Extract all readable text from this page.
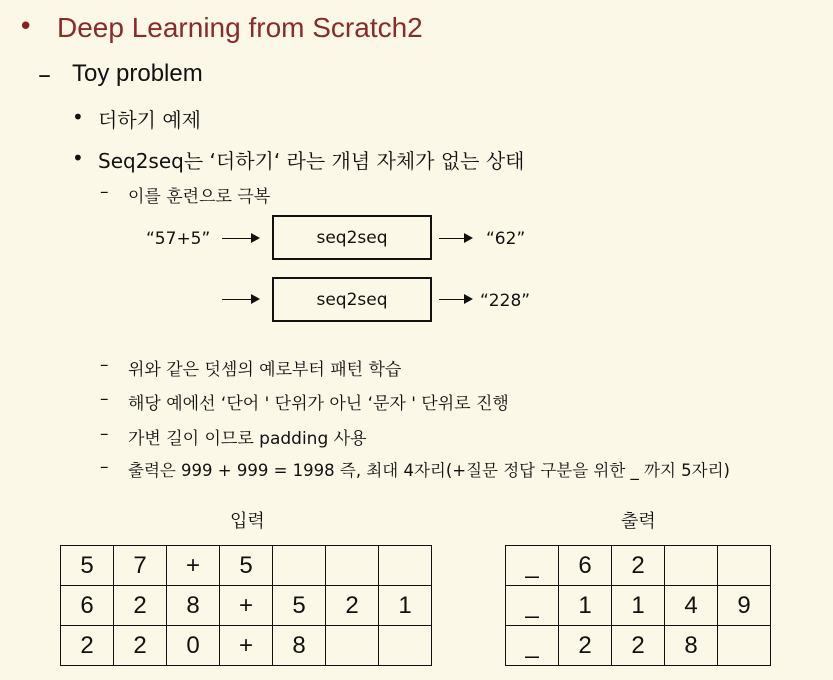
• Deep Learning from Scratch2
– Toy problem
• 더하기 예제
• Seq2seq는 ‘더하기‘ 라는 개념 자체가 없는 상태
– 이를 훈련으로 극복
“57+5”	seq2seq	“62”
seq2seq	“228”
– 위와 같은 덧셈의 예로부터 패턴 학습
– 해당 예에선 ‘단어 ' 단위가 아닌 ‘문자 ' 단위로 진행
– 가변 길이 이므로 padding 사용
– 출력은 999 + 999 = 1998 즉, 최대 4자리(+질문 정답 구분을 위한 _ 까지 5자리)
입력	출력
5	7	+	5			
6	2	8	+	5	2	1
2	2	0	+	8		
_	6	2		
_	1	1	4	9
_	2	2	8	
